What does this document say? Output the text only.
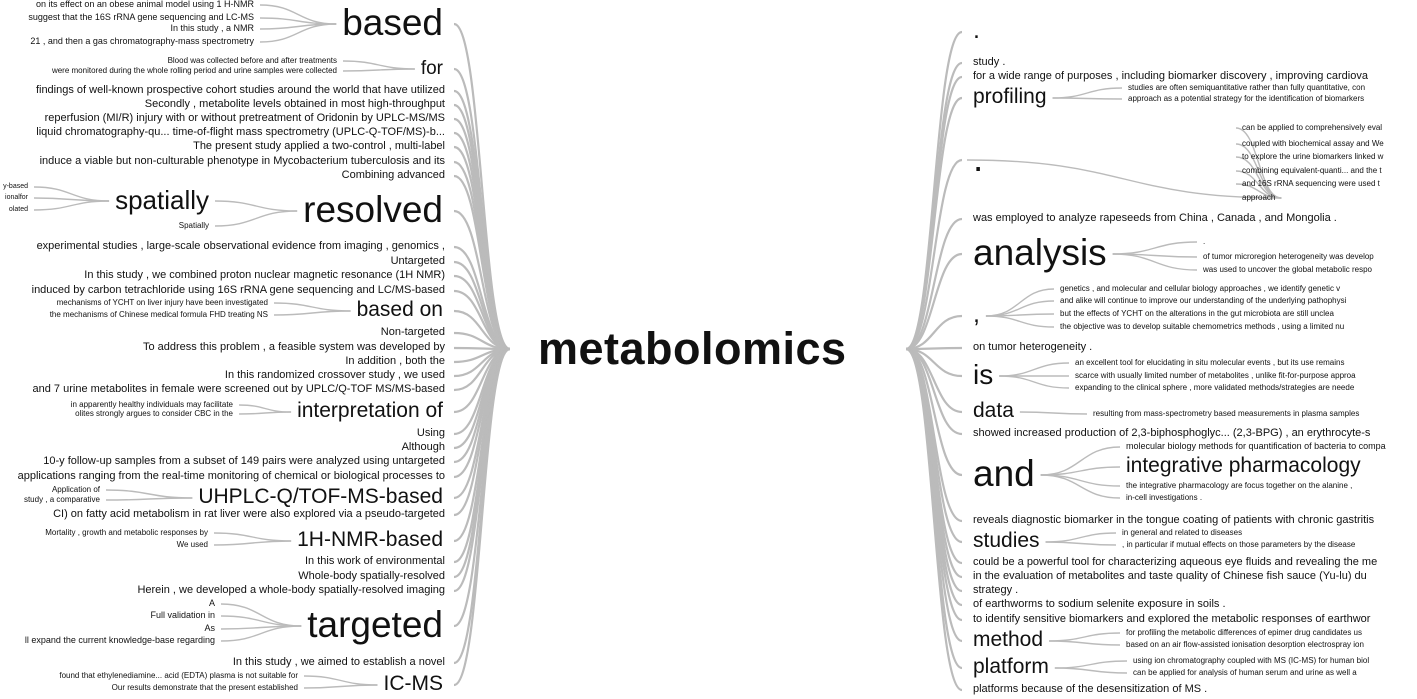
metabolomics
on its effect on an obese animal model using 1 H-NMR
suggest that the 16S rRNA gene sequencing and LC-MS
In this study , a NMR
21 , and then a gas chromatography-mass spectrometry based
Blood was collected before and after treatments
were monitored during the whole rolling period and urine samples were collected	for
findings of well-known prospective cohort studies around the world that have utilized
Secondly , metabolite levels obtained in most high-throughput
reperfusion (MI/R) injury with or without pretreatment of Oridonin by UPLC-MS/MS
liquid chromatography-qu... time-of-flight mass spectrometry (UPLC-Q-TOF/MS)-b...
The present study applied a two-control , multi-label
induce a viable but non-culturable phenotype in Mycobacterium tuberculosis and its
Combining advanced
y-based
ionalfor
olated	spatially
Spatially	resolved
experimental studies , large-scale observational evidence from imaging , genomics ,
Untargeted
In this study , we combined proton nuclear magnetic resonance (1H NMR)
induced by carbon tetrachloride using 16S rRNA gene sequencing and LC/MS-based
mechanisms of YCHT on liver injury have been investigated
the mechanisms of Chinese medical formula FHD treating NS	based on
Non-targeted
To address this problem , a feasible system was developed by
In addition , both the
In this randomized crossover study , we used
and 7 urine metabolites in female were screened out by UPLC/Q-TOF MS/MS-based
in apparently healthy individuals may facilitate
olites strongly argues to consider CBC in the	interpretation of
Using
Although
10-y follow-up samples from a subset of 149 pairs were analyzed using untargeted
applications ranging from the real-time monitoring of chemical or biological processes to
Application of
study , a comparative	UHPLC-Q/TOF-MS-based
CI) on fatty acid metabolism in rat liver were also explored via a pseudo-targeted
Mortality , growth and metabolic responses by
We used	1H-NMR-based
In this work of environmental
Whole-body spatially-resolved
Herein , we developed a whole-body spatially-resolved imaging
A
Full validation in
As
ll expand the current knowledge-base regarding targeted
In this study , we aimed to establish a novel
found that ethylenediamine... acid (EDTA) plasma is not suitable for
Our results demonstrate that the present established	IC-MS
.
study .
for a wide range of purposes , including biomarker discovery , improving cardiova
profiling	studies are often semiquantitative rather than fully quantitative, con
approach as a potential strategy for the identification of biomarkers
.
can be applied to comprehensively eval
coupled with biochemical assay and We
to explore the urine biomarkers linked w
combining equivalent-quanti... and the t
and 16S rRNA sequencing were used t
approach
was employed to analyze rapeseeds from China , Canada , and Mongolia .
analysis	.
of tumor microregion heterogeneity was develop
was used to uncover the global metabolic respo
,
genetics , and molecular and cellular biology approaches , we identify genetic v
and alike will continue to improve our understanding of the underlying pathophysi
but the effects of YCHT on the alterations in the gut microbiota are still unclea
the objective was to develop suitable chemometrics methods , using a limited nu
on tumor heterogeneity .
is	an excellent tool for elucidating in situ molecular events , but its use remains
scarce with usually limited number of metabolites , unlike fit-for-purpose approa
expanding to the clinical sphere , more validated methods/strategies are neede
data	resulting from mass-spectrometry based measurements in plasma samples
showed increased production of 2,3-biphosphoglyc... (2,3-BPG) , an erythrocyte-s
and
molecular biology methods for quantification of bacteria to compa
integrative pharmacology
the integrative pharmacology are focus together on the alanine ,
in-cell investigations .
reveals diagnostic biomarker in the tongue coating of patients with chronic gastritis
studies	in general and related to diseases
, in particular if mutual effects on those parameters by the disease
could be a powerful tool for characterizing aqueous eye fluids and revealing the me
in the evaluation of metabolites and taste quality of Chinese fish sauce (Yu-lu) du
strategy .
of earthworms to sodium selenite exposure in soils .
to identify sensitive biomarkers and explored the metabolic responses of earthwor
method	for profiling the metabolic differences of epimer drug candidates us
based on an air flow-assisted ionisation desorption electrospray ion
platform	using ion chromatography coupled with MS (IC-MS) for human biol
can be applied for analysis of human serum and urine as well a
platforms because of the desensitization of MS .
